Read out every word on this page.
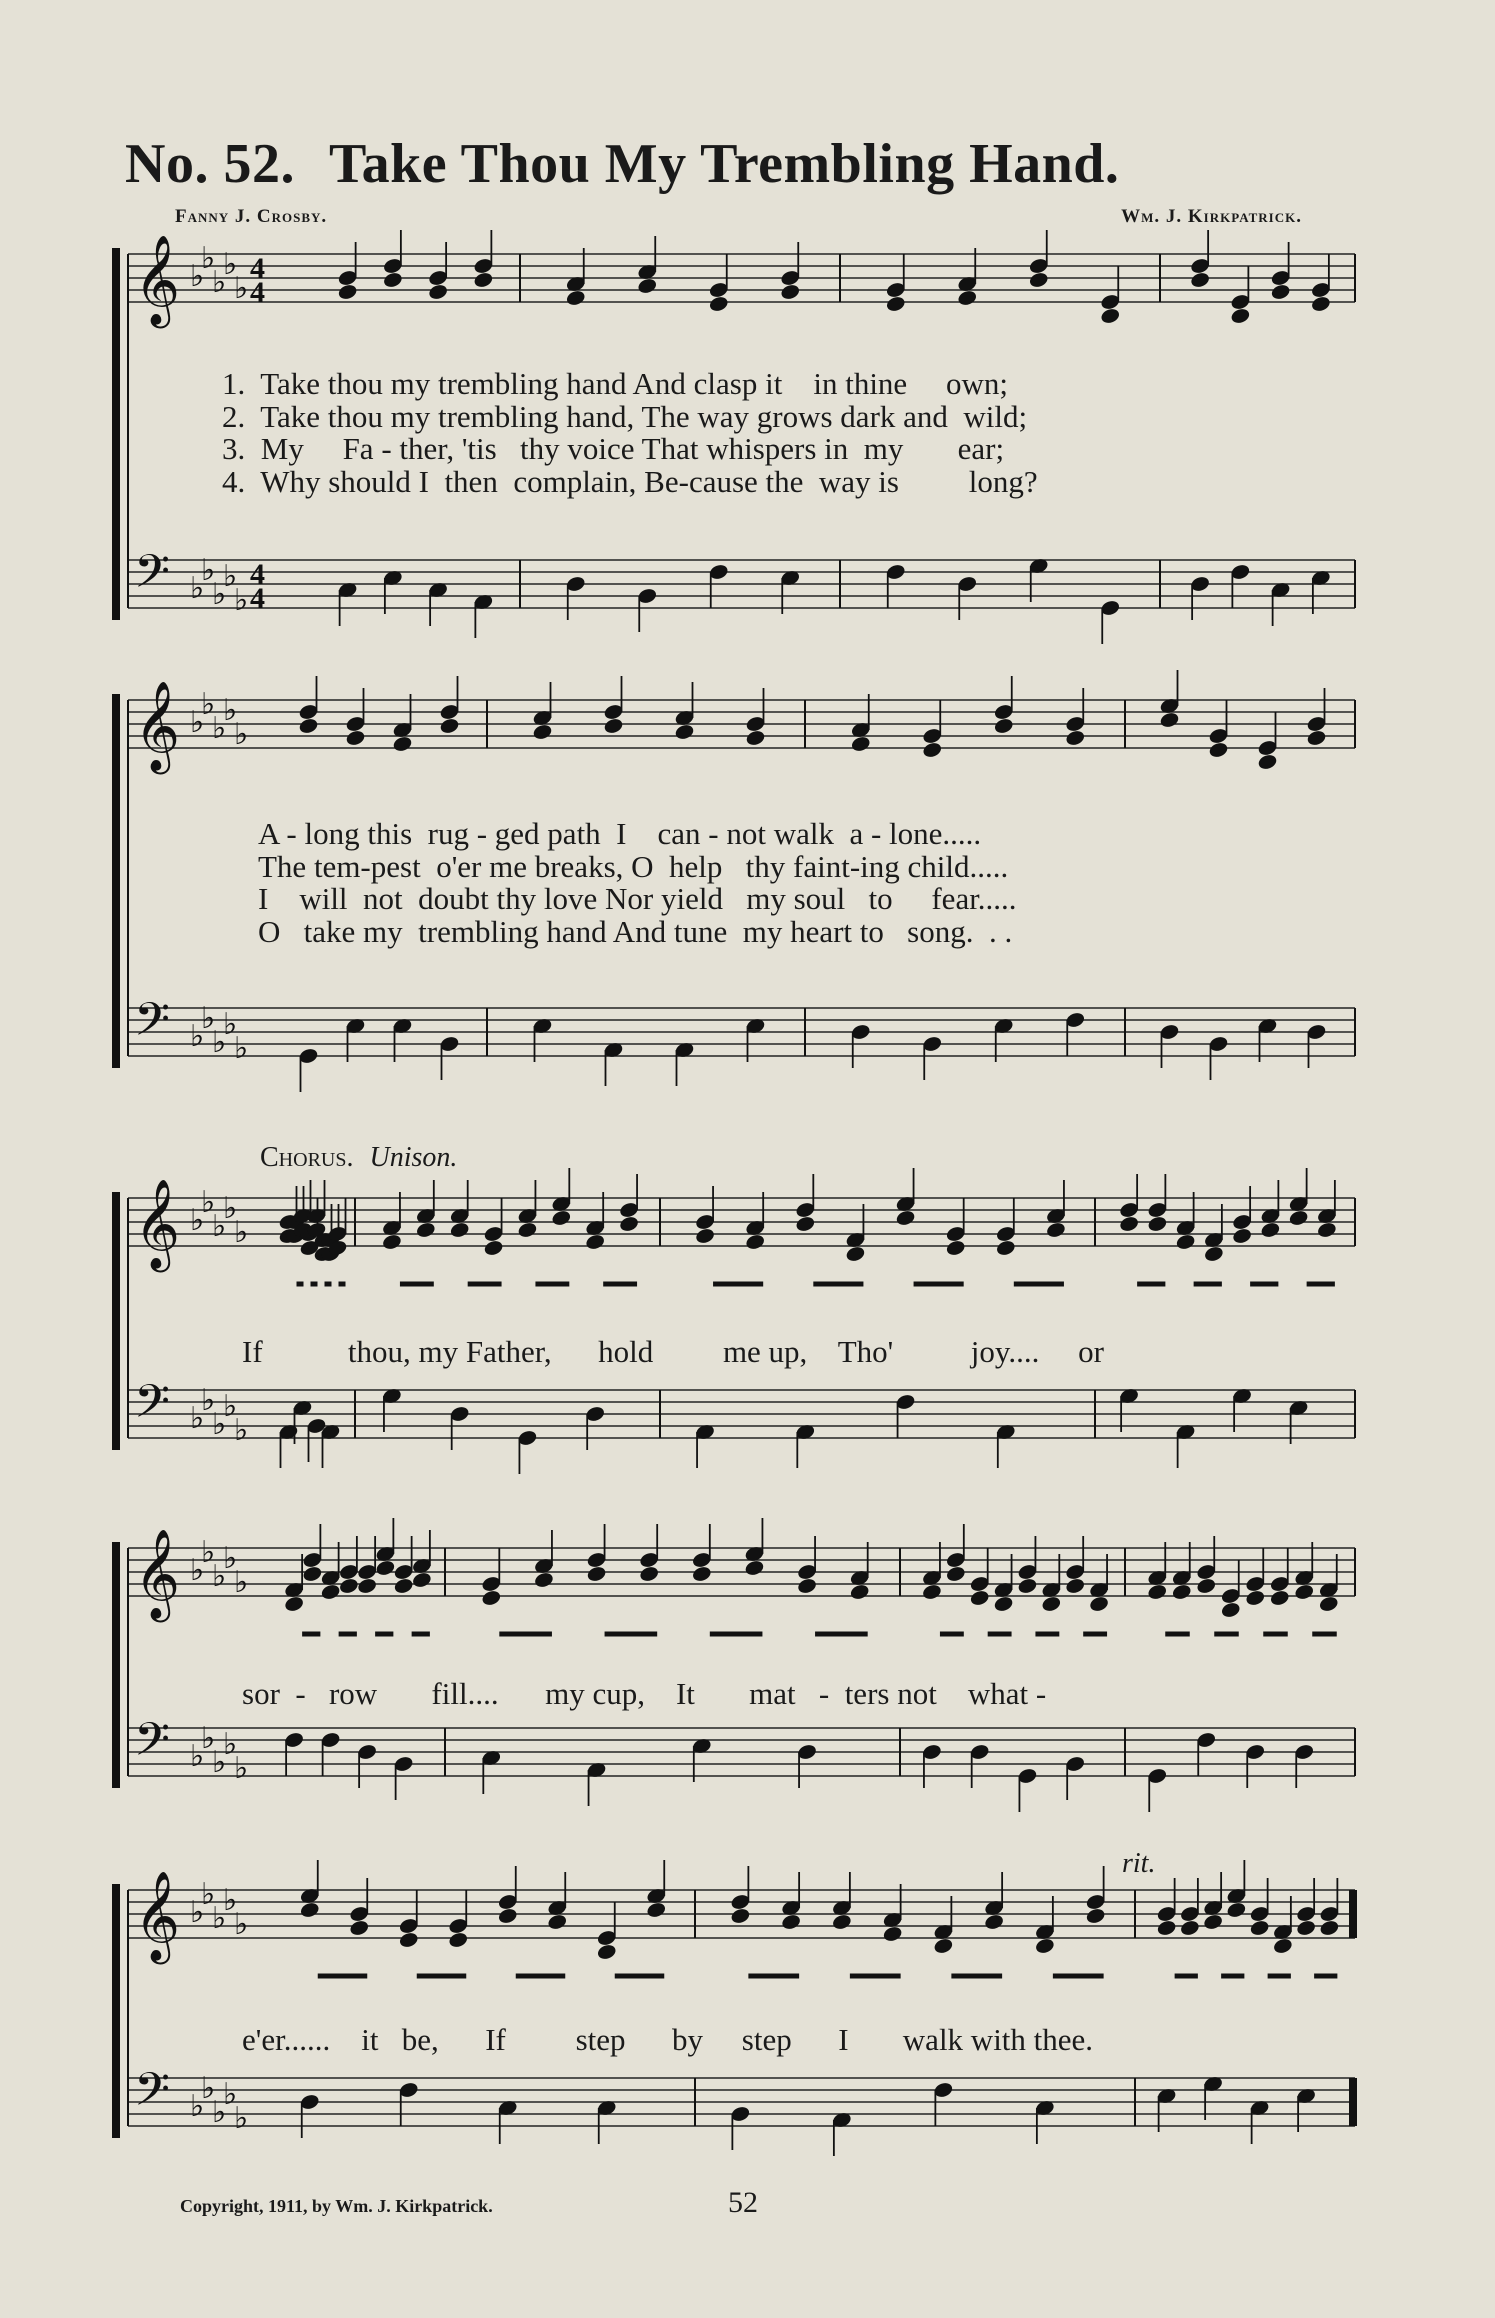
No. 52. Take Thou My Trembling Hand.
Fanny J. Crosby.	Wm. J. Kirkpatrick.
𝄞
𝄢
♭
♭
♭
♭
♭
♭
♭
♭
♭
♭
4
4
4
4
𝄞
𝄢
♭
♭
♭
♭
♭
♭
♭
♭
♭
♭
𝄞
𝄢
♭
♭
♭
♭
♭
♭
♭
♭
♭
♭
𝄞
𝄢
♭
♭
♭
♭
♭
♭
♭
♭
♭
♭
𝄞
𝄢
♭
♭
♭
♭
♭
♭
♭
♭
♭
♭
1.  Take thou my trembling hand And clasp it    in thine     own;
2.  Take thou my trembling hand, The way grows dark and  wild;
3.  My     Fa - ther, 'tis   thy voice That whispers in  my       ear;
4.  Why should I  then  complain, Be-cause the  way is         long?
A - long this  rug - ged path  I    can - not walk  a - lone.....
The tem-pest  o'er me breaks, O  help   thy faint-ing child.....
I    will  not  doubt thy love Nor yield   my soul   to     fear.....
O   take my  trembling hand And tune  my heart to   song.  . .
Chorus. Unison.
If           thou, my Father,      hold         me up,    Tho'          joy....     or
sor  -   row       fill....      my cup,    It       mat   -  ters not    what -
e'er......    it   be,      If         step      by     step      I       walk with thee.
rit.
Copyright, 1911, by Wm. J. Kirkpatrick.	52
